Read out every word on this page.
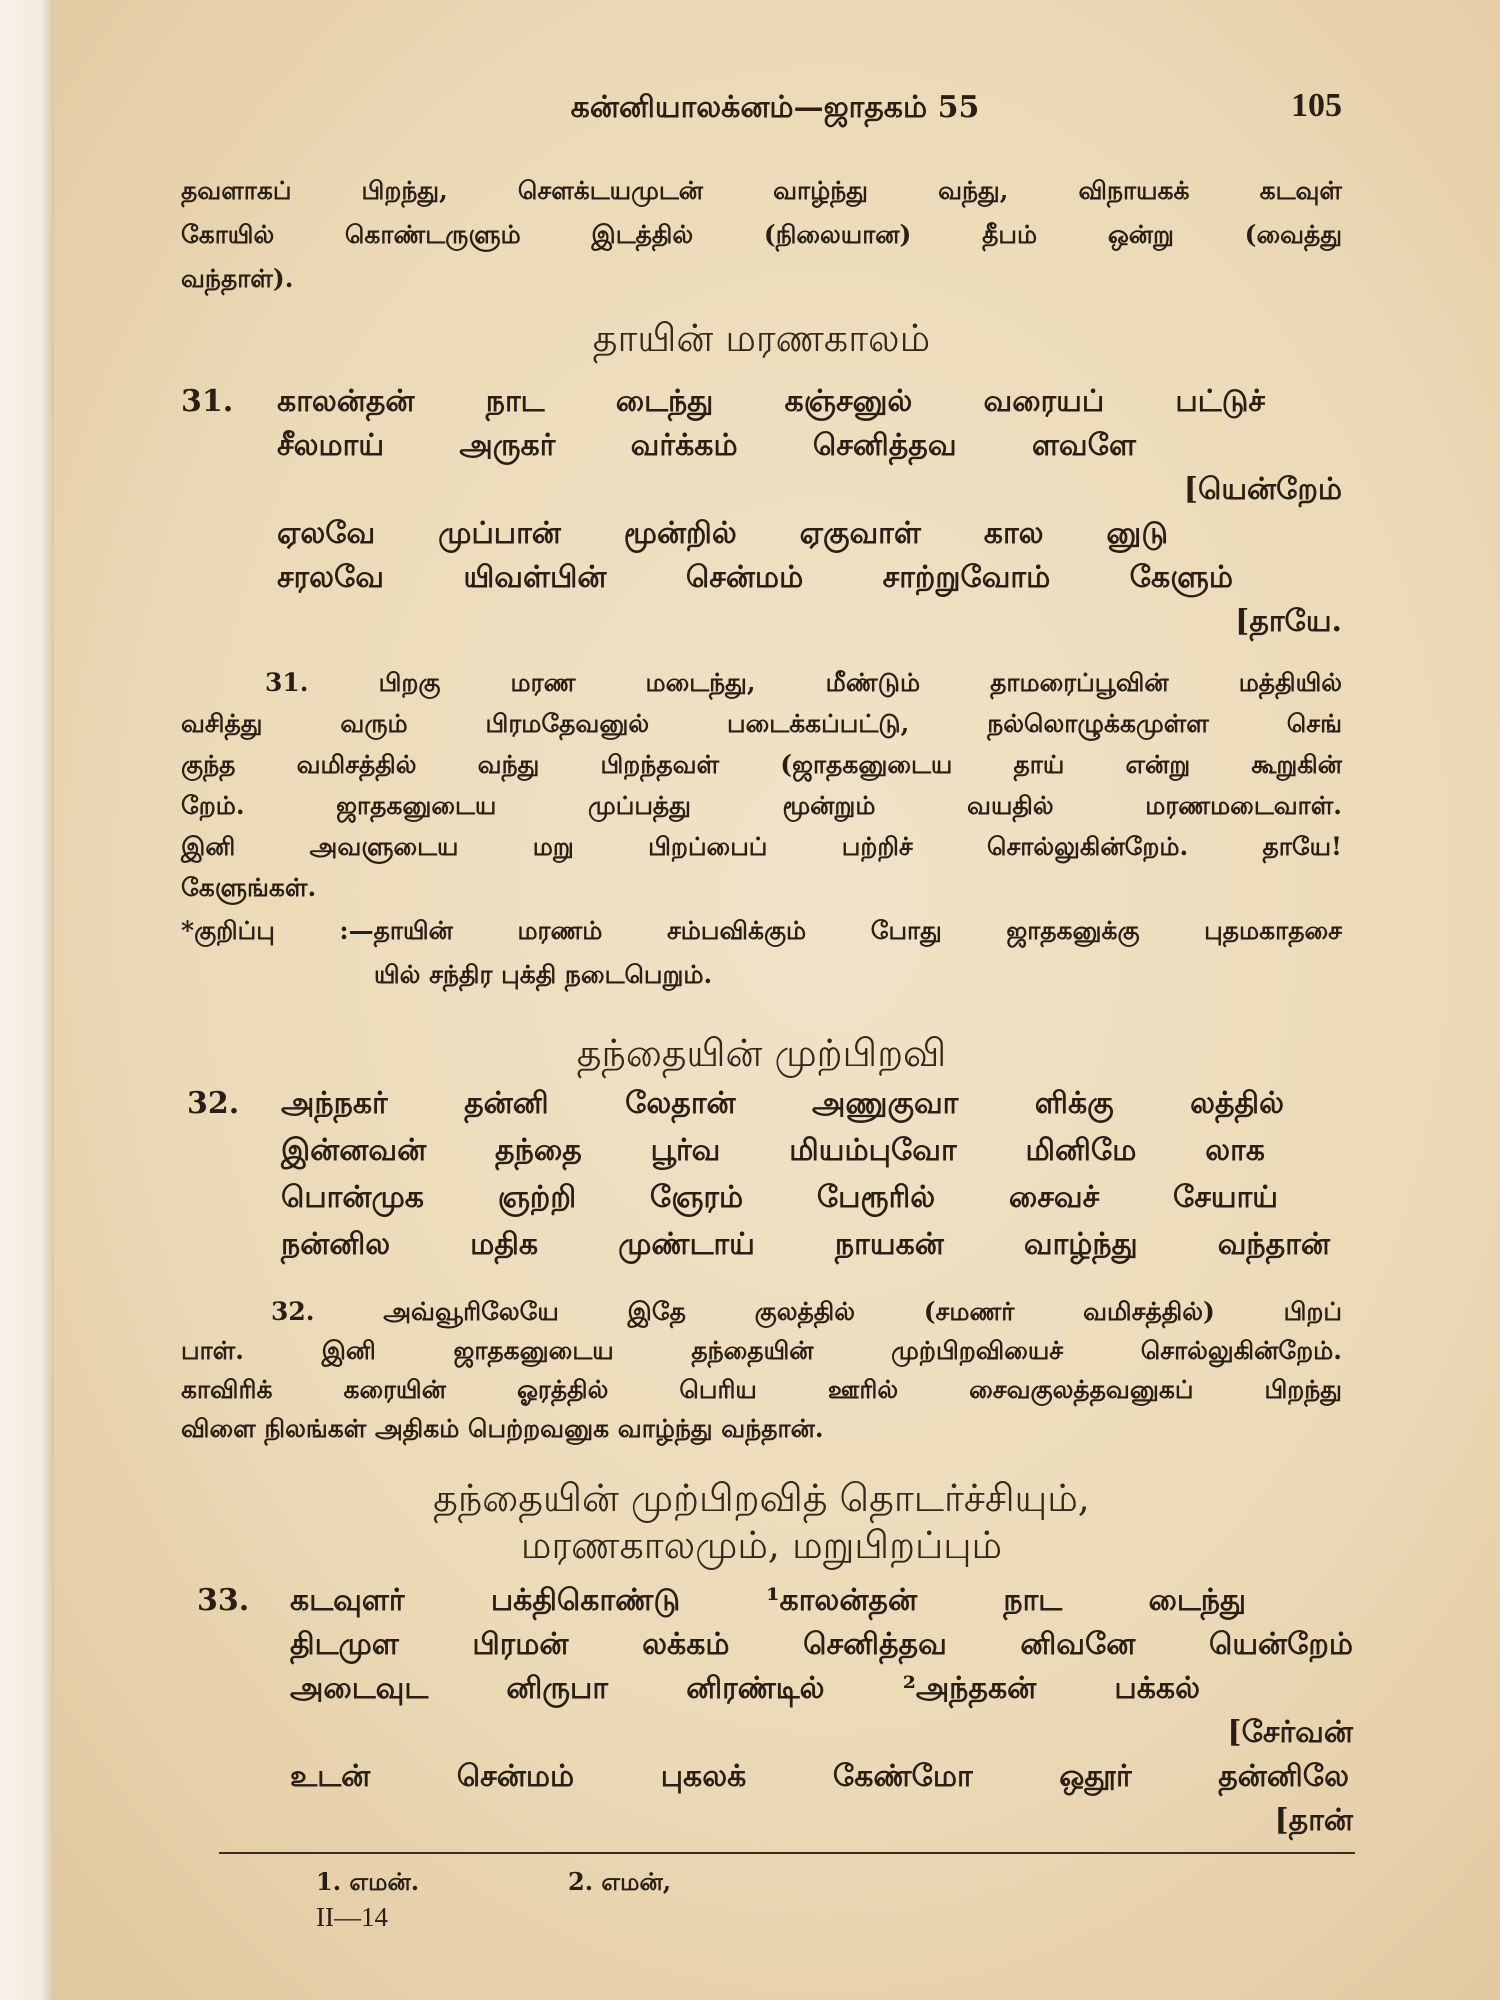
கன்னியாலக்னம்—ஜாதகம் 55	105
தவளாகப் பிறந்து, சௌக்டயமுடன் வாழ்ந்து வந்து, விநாயகக் கடவுள்
கோயில் கொண்டருளும் இடத்தில் (நிலையான) தீபம் ஒன்று (வைத்து
வந்தாள்).
தாயின் மரணகாலம்
31. காலன்தன் நாட டைந்து கஞ்சனுல் வரையப் பட்டுச்
சீலமாய் அருகர் வர்க்கம் செனித்தவ ளவளே
[யென்றேம்
ஏலவே முப்பான் மூன்றில் ஏகுவாள் கால னுடு
சரலவே யிவள்பின் சென்மம் சாற்றுவோம் கேளும்
[தாயே.
31. பிறகு மரண மடைந்து, மீண்டும் தாமரைப்பூவின் மத்தியில்
வசித்து வரும் பிரமதேவனுல் படைக்கப்பட்டு, நல்லொழுக்கமுள்ள செங்
குந்த வமிசத்தில் வந்து பிறந்தவள் (ஜாதகனுடைய தாய் என்று கூறுகின்
றேம். ஜாதகனுடைய முப்பத்து மூன்றும் வயதில் மரணமடைவாள்.
இனி அவளுடைய மறு பிறப்பைப் பற்றிச் சொல்லுகின்றேம். தாயே!
கேளுங்கள்.
*குறிப்பு :—தாயின் மரணம் சம்பவிக்கும் போது ஜாதகனுக்கு புதமகாதசை
யில் சந்திர புக்தி நடைபெறும்.
தந்தையின் முற்பிறவி
32. அந்நகர் தன்னி லேதான் அணுகுவா ளிக்கு லத்தில்
இன்னவன் தந்தை பூர்வ மியம்புவோ மினிமே லாக
பொன்முக ஞற்றி ஞேரம் பேரூரில் சைவச் சேயாய்
நன்னில மதிக முண்டாய் நாயகன் வாழ்ந்து வந்தான்
32. அவ்வூரிலேயே இதே குலத்தில் (சமணர் வமிசத்தில்) பிறப்
பாள். இனி ஜாதகனுடைய தந்தையின் முற்பிறவியைச் சொல்லுகின்றேம்.
காவிரிக் கரையின் ஓரத்தில் பெரிய ஊரில் சைவகுலத்தவனுகப் பிறந்து
விளை நிலங்கள் அதிகம் பெற்றவனுக வாழ்ந்து வந்தான்.
தந்தையின் முற்பிறவித் தொடர்ச்சியும்,
மரணகாலமும், மறுபிறப்பும்
33. கடவுளர் பக்திகொண்டு ¹காலன்தன் நாட டைந்து
திடமுள பிரமன் லக்கம் செனித்தவ னிவனே யென்றேம்
அடைவுட னிருபா னிரண்டில் ²அந்தகன் பக்கல்
[சேர்வன்
உடன் சென்மம் புகலக் கேண்மோ ஒதூர் தன்னிலே
[தான்
1. எமன்.	2. எமன்,
II—14
